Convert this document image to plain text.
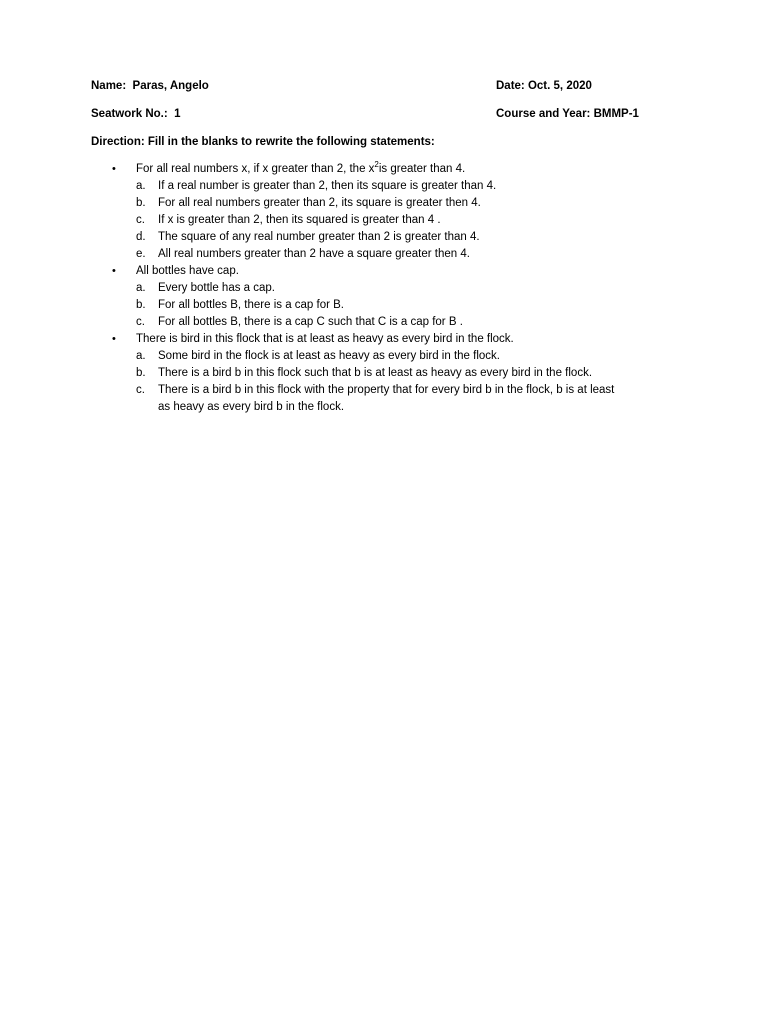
Name: Paras, Angelo	Date: Oct. 5, 2020
Seatwork No.: 1	Course and Year: BMMP-1
Direction: Fill in the blanks to rewrite the following statements:
• For all real numbers x, if x greater than 2, the $x^2is$ greater than 4.
a. If a real number is greater than 2, then its square is greater than 4.
b. For all real numbers greater than 2, its square is greater then 4.
c. If x is greater than 2, then its squared is greater than 4 .
d. The square of any real number greater than 2 is greater than 4.
e. All real numbers greater than 2 have a square greater then 4.
• All bottles have cap.
a. Every bottle has a cap.
b. For all bottles B, there is a cap for B.
c. For all bottles B, there is a cap C such that C is a cap for B .
• There is bird in this flock that is at least as heavy as every bird in the flock.
a. Some bird in the flock is at least as heavy as every bird in the flock.
b. There is a bird b in this flock such that b is at least as heavy as every bird in the flock.
c. There is a bird b in this flock with the property that for every bird b in the flock, b is at least
as heavy as every bird b in the flock.
